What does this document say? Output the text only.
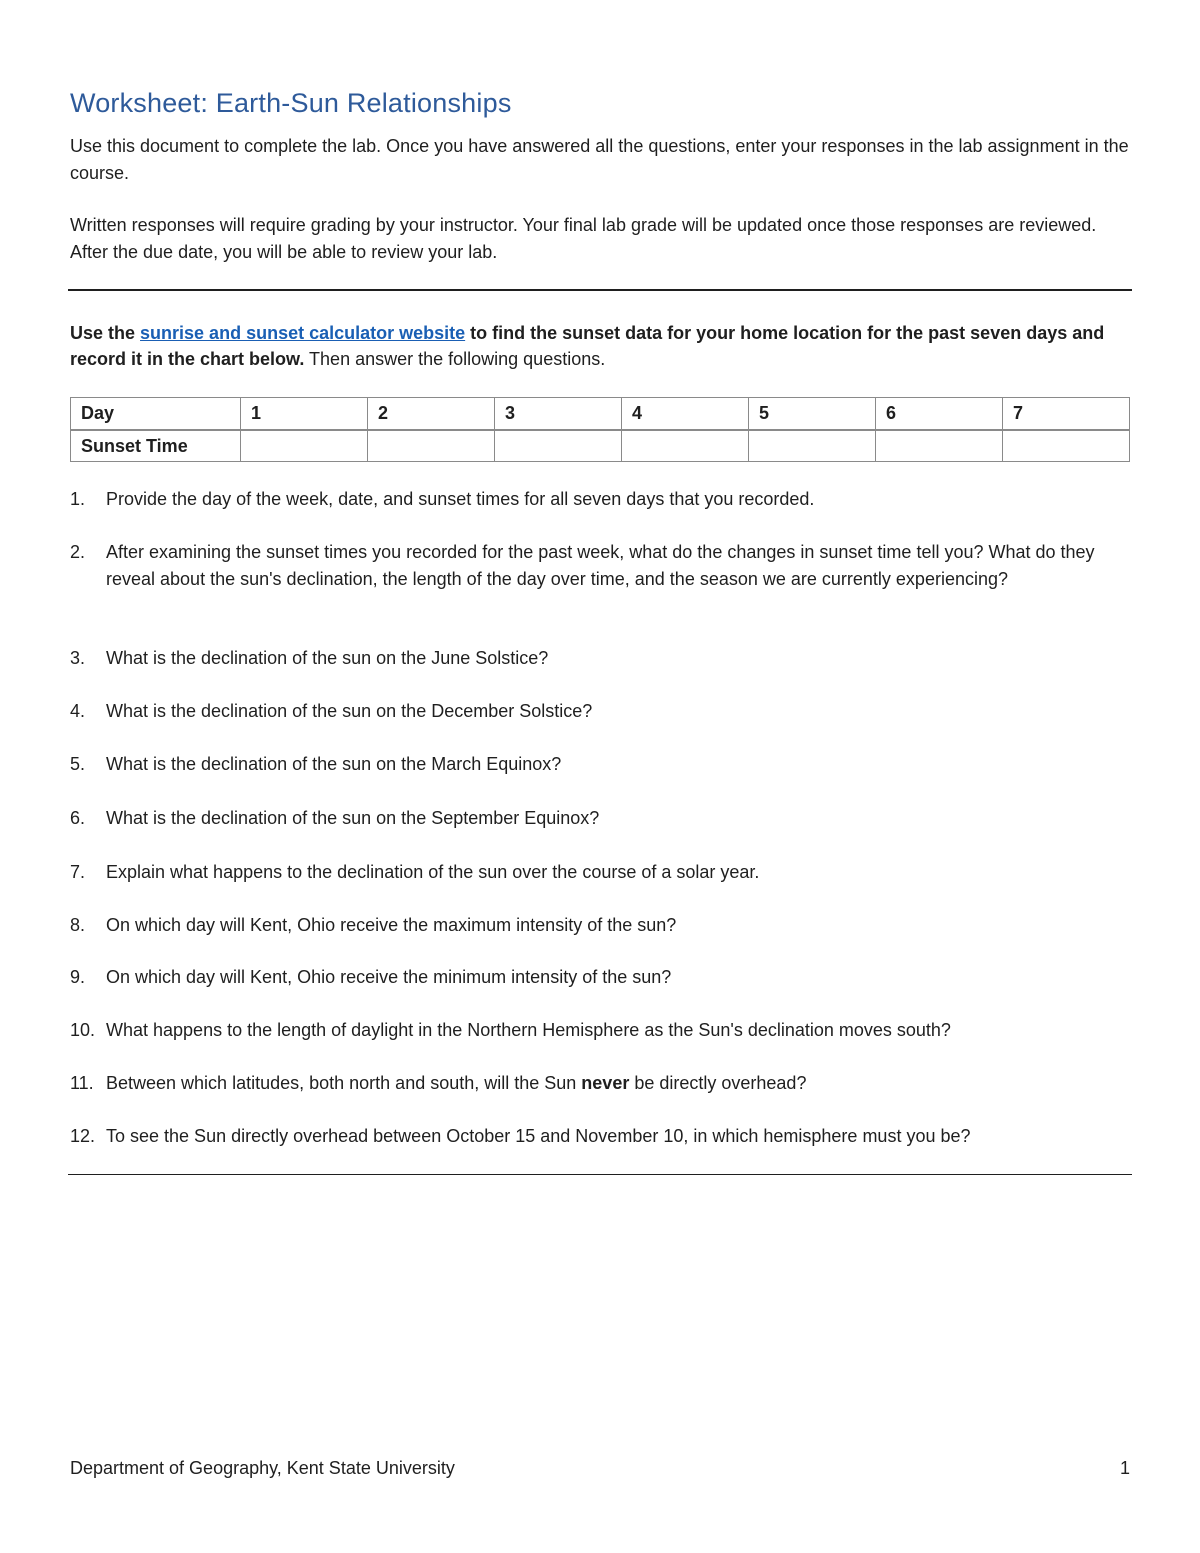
Worksheet: Earth-Sun Relationships

Use this document to complete the lab. Once you have answered all the questions, enter your responses in the lab assignment in the course.

Written responses will require grading by your instructor. Your final lab grade will be updated once those responses are reviewed. After the due date, you will be able to review your lab.

Use the sunrise and sunset calculator website to find the sunset data for your home location for the past seven days and record it in the chart below. Then answer the following questions.

Day	1	2	3	4	5	6	7
Sunset Time							
1. Provide the day of the week, date, and sunset times for all seven days that you recorded.
2. After examining the sunset times you recorded for the past week, what do the changes in sunset time tell you? What do they reveal about the sun's declination, the length of the day over time, and the season we are currently experiencing?
3. What is the declination of the sun on the June Solstice?
4. What is the declination of the sun on the December Solstice?
5. What is the declination of the sun on the March Equinox?
6. What is the declination of the sun on the September Equinox?
7. Explain what happens to the declination of the sun over the course of a solar year.
8. On which day will Kent, Ohio receive the maximum intensity of the sun?
9. On which day will Kent, Ohio receive the minimum intensity of the sun?
10. What happens to the length of daylight in the Northern Hemisphere as the Sun's declination moves south?
11. Between which latitudes, both north and south, will the Sun never be directly overhead?
12. To see the Sun directly overhead between October 15 and November 10, in which hemisphere must you be?
Department of Geography, Kent State University	1
